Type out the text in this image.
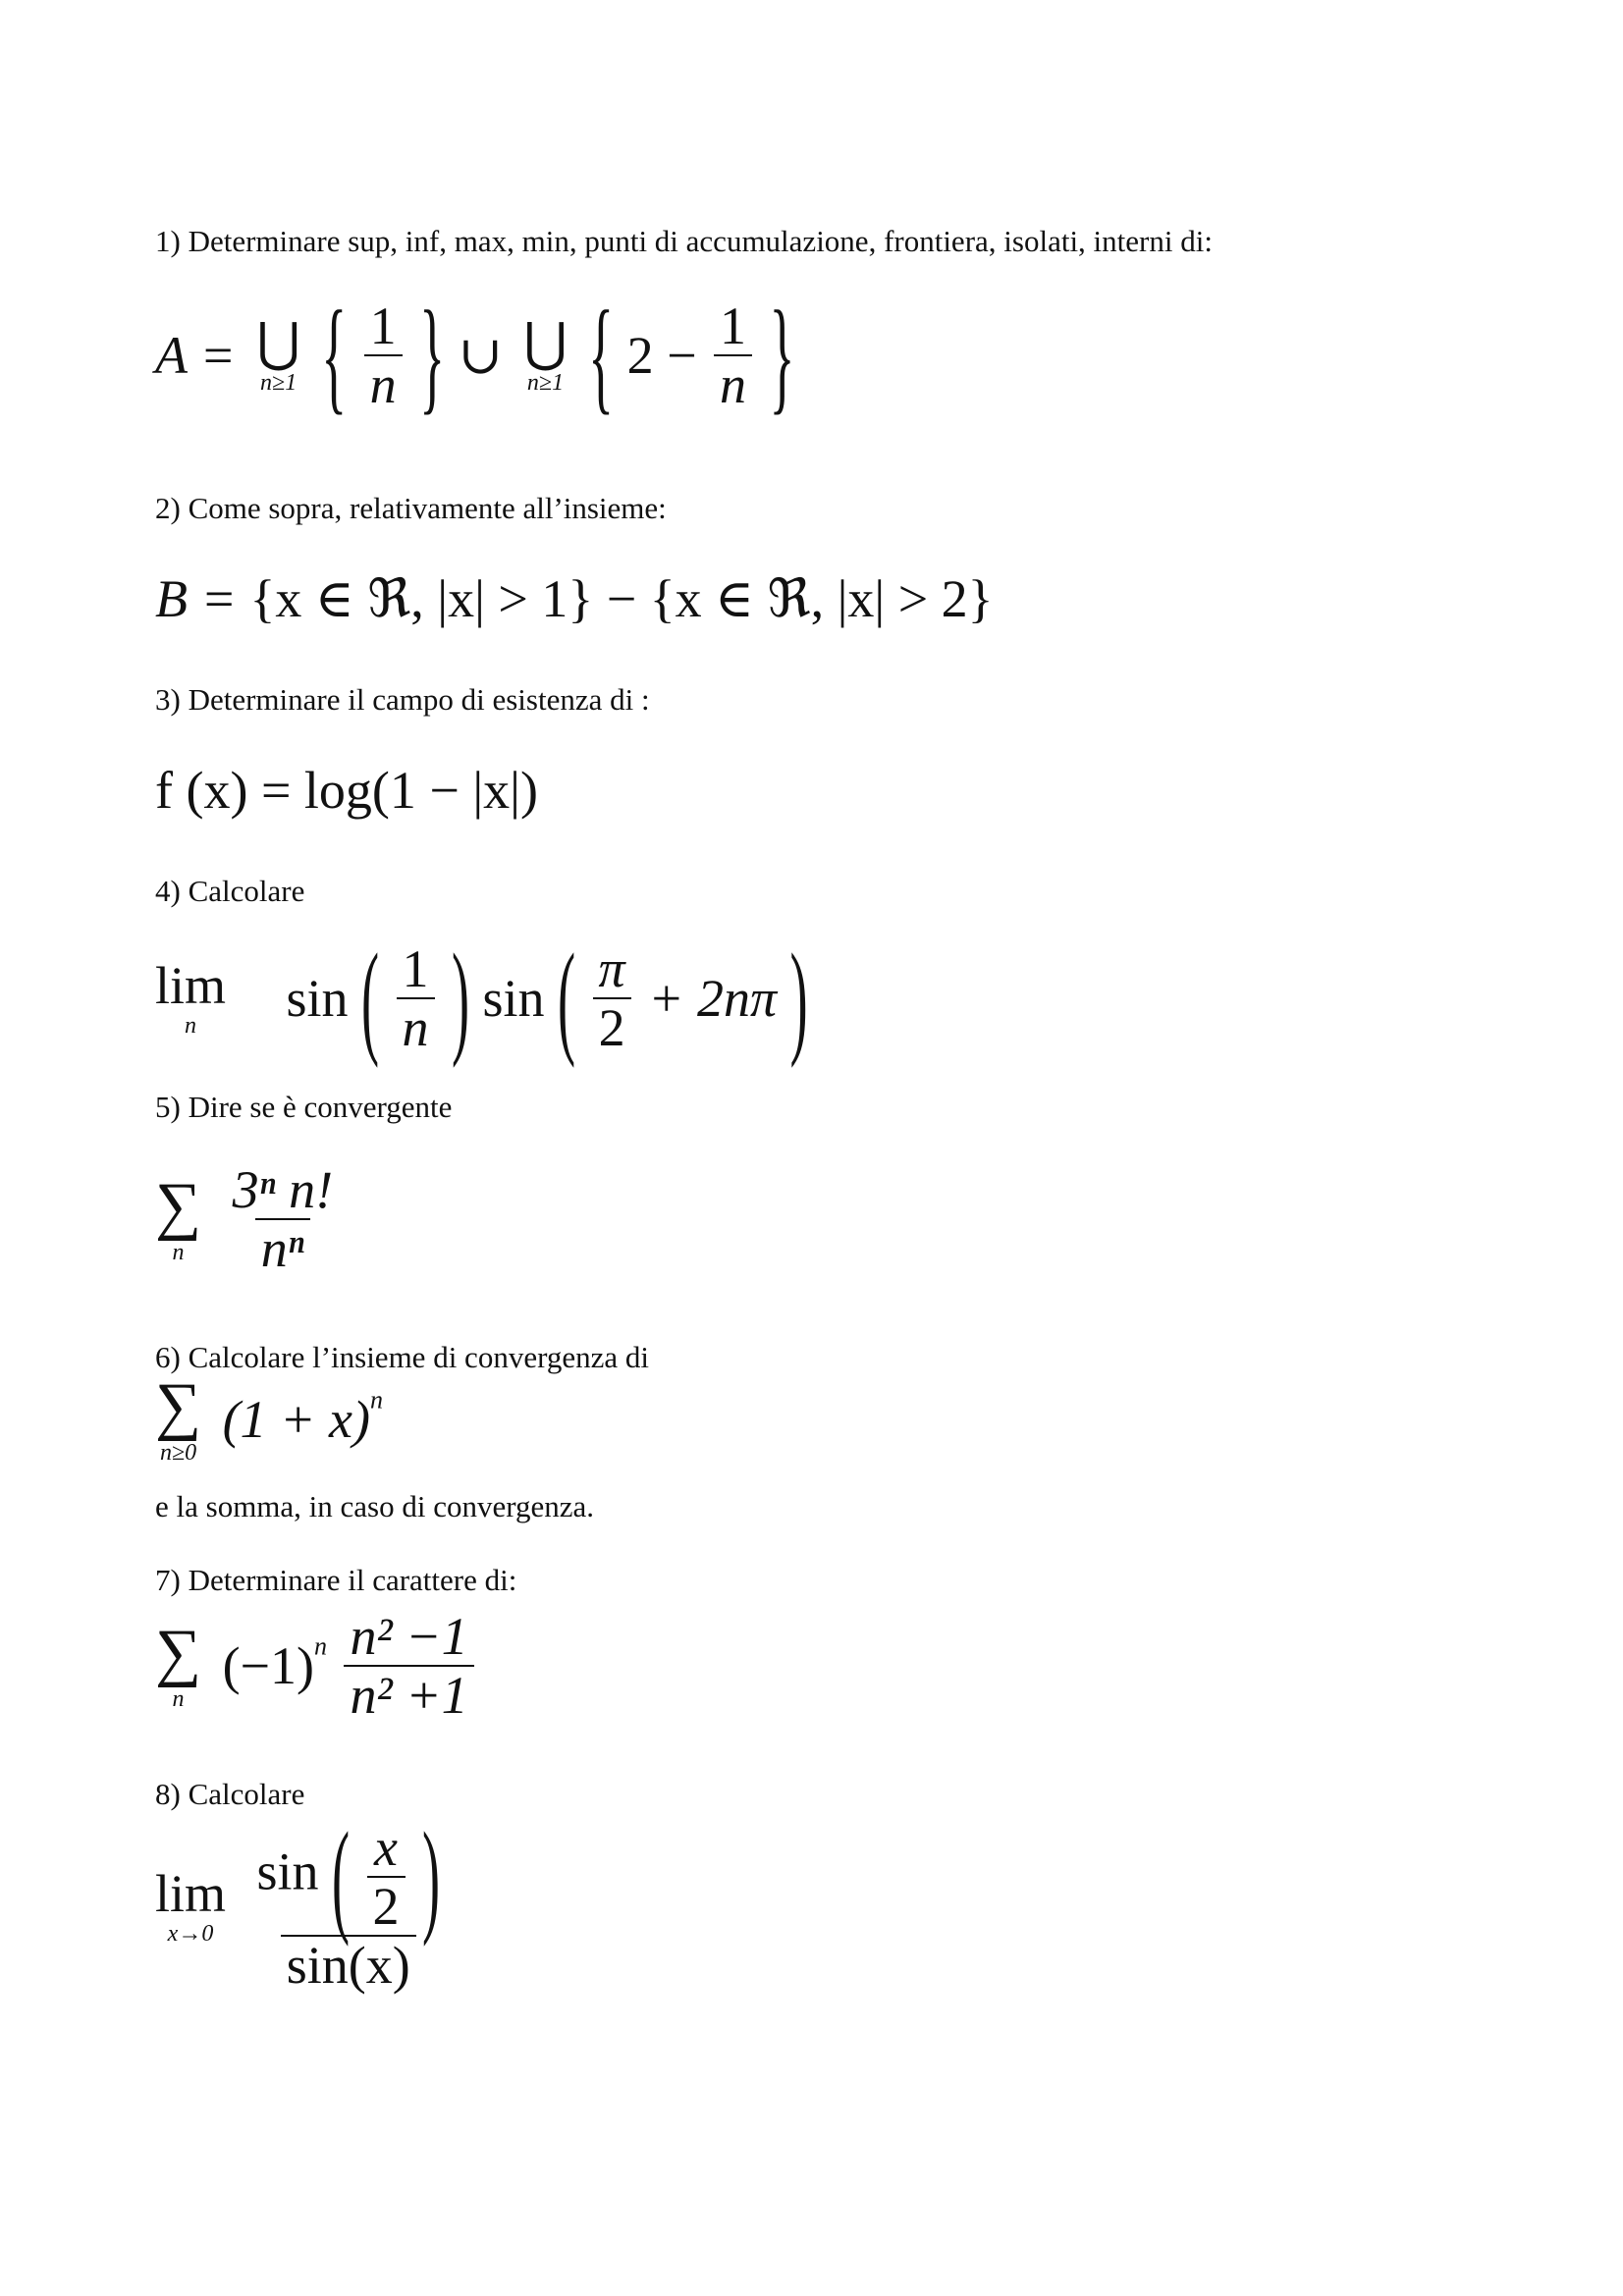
1) Determinare sup, inf, max, min, punti di accumulazione, frontiera, isolati, interni di:
A = ⋃
n≥1 { $\frac{1}{n}$ } ∪ ⋃
n≥1 { $2 - \frac{1}{n}$ }
2) Come sopra, relativamente all’insieme:
B = {x ∈ ℜ, |x| > 1} − {x ∈ ℜ, |x| > 2}
3) Determinare il campo di esistenza di :
f (x) = log(1 − |x|)
4) Calcolare
lim
n sin ( $\frac{1}{n}$ ) sin ( $\frac{\pi}{2} + 2n\pi$ )
5) Dire se è convergente
∑
n
$\frac{\text{3ⁿ n!}}{\text{nⁿ}}$
6) Calcolare l’insieme di convergenza di
∑
n≥0
$(1 + x)^n$
e la somma, in caso di convergenza.
7) Determinare il carattere di:
∑
n
$(-1)^n \frac{\text{n² −1}}{\text{n² +1}}$
8) Calcolare
lim
x→0

sin ( $\frac{x}{2}$ )
sin(x)
